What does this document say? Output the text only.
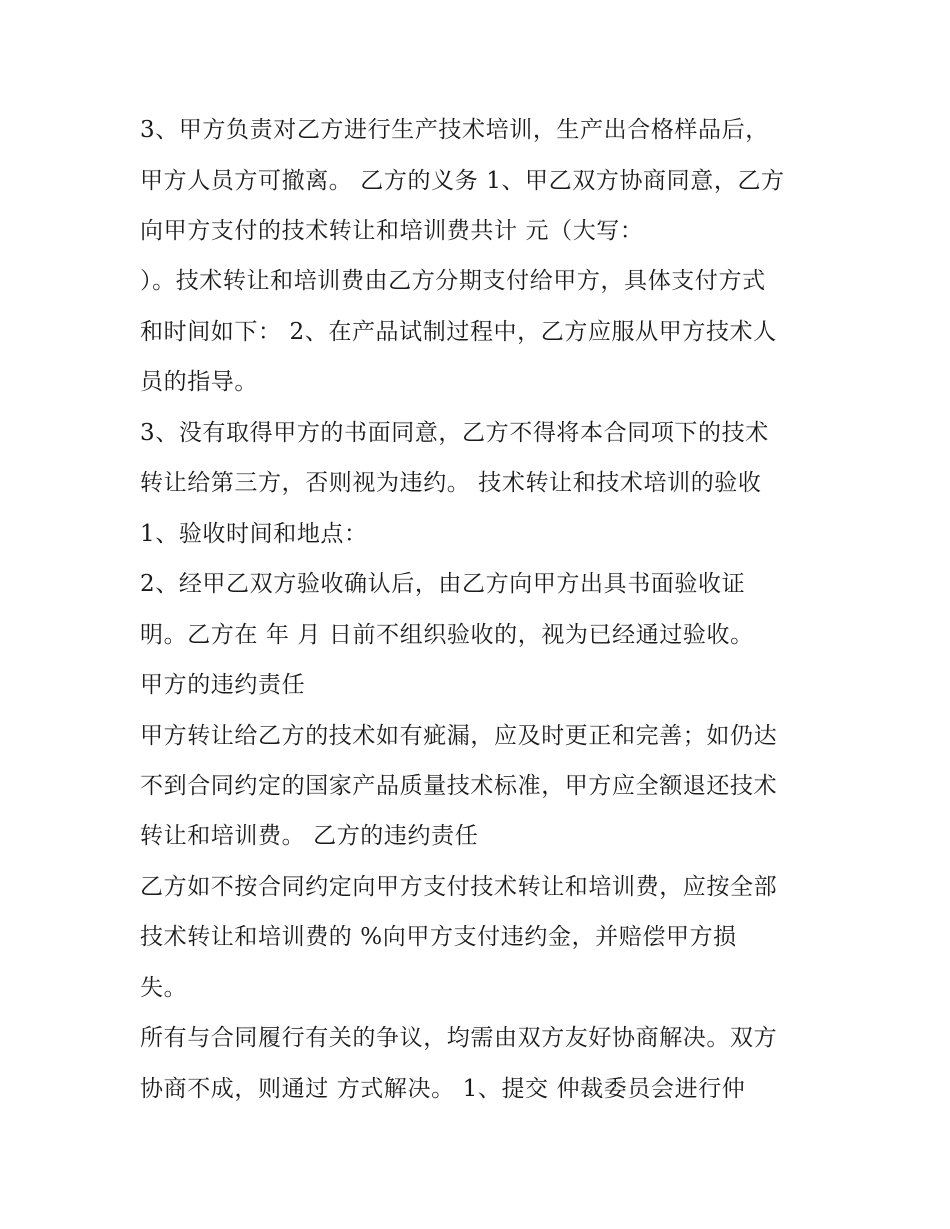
3、甲方负责对乙方进行生产技术培训，生产出合格样品后，
甲方人员方可撤离。 乙方的义务 1、甲乙双方协商同意，乙方
向甲方支付的技术转让和培训费共计 元（大写：
）。技术转让和培训费由乙方分期支付给甲方，具体支付方式
和时间如下： 2、在产品试制过程中，乙方应服从甲方技术人
员的指导。
3、没有取得甲方的书面同意，乙方不得将本合同项下的技术
转让给第三方，否则视为违约。 技术转让和技术培训的验收
1、验收时间和地点：
2、经甲乙双方验收确认后，由乙方向甲方出具书面验收证
明。乙方在 年 月 日前不组织验收的，视为已经通过验收。
甲方的违约责任
甲方转让给乙方的技术如有疵漏，应及时更正和完善；如仍达
不到合同约定的国家产品质量技术标准，甲方应全额退还技术
转让和培训费。 乙方的违约责任
乙方如不按合同约定向甲方支付技术转让和培训费，应按全部
技术转让和培训费的 %向甲方支付违约金，并赔偿甲方损
失。
所有与合同履行有关的争议，均需由双方友好协商解决。双方
协商不成，则通过 方式解决。 1、提交 仲裁委员会进行仲
